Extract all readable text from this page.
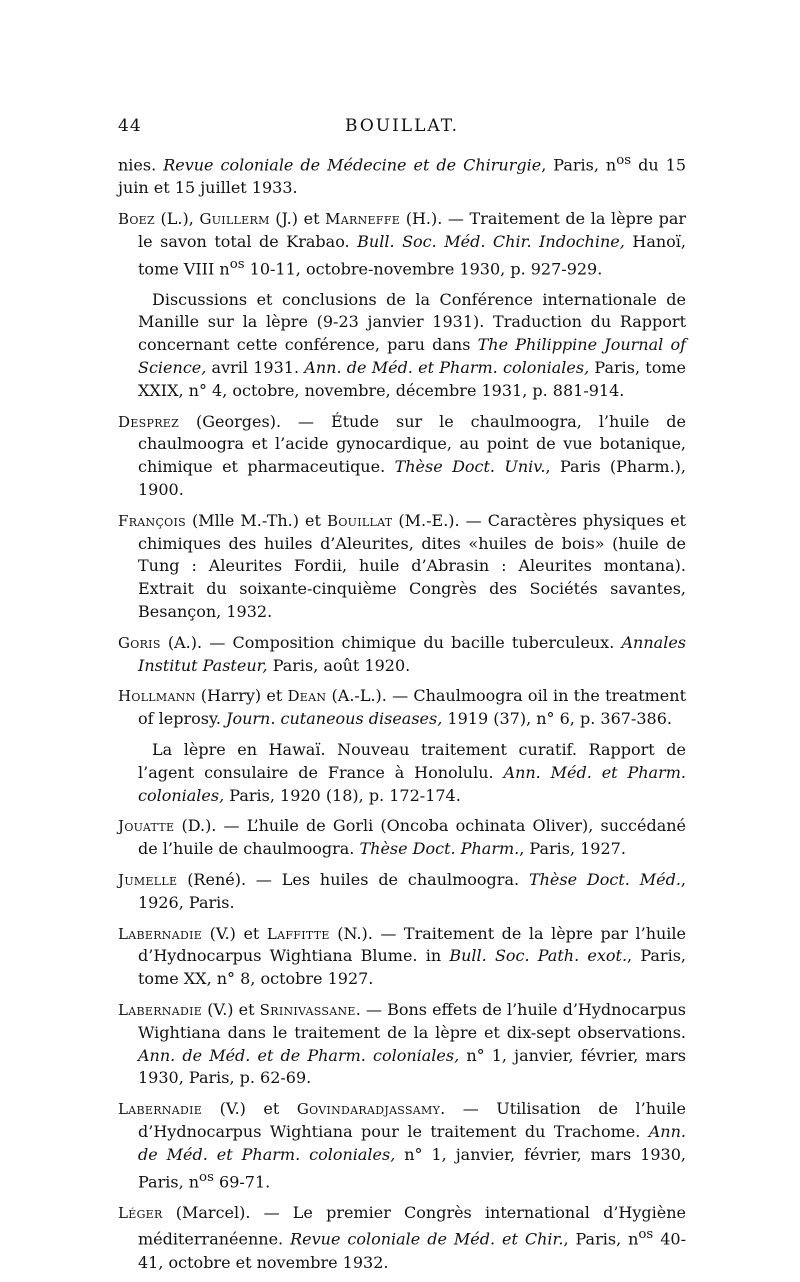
44	BOUILLAT.

nies. Revue coloniale de Médecine et de Chirurgie, Paris, $n^{os}$ du 15 juin et 15 juillet 1933.

Boez (L.), Guillerm (J.) et Marneffe (H.). — Traitement de la lèpre par le savon total de Krabao. Bull. Soc. Méd. Chir. Indochine, Hanoï, tome VIII $n^{os}$ 10-11, octobre-novembre 1930, p. 927-929.

Discussions et conclusions de la Conférence internationale de Manille sur la lèpre (9-23 janvier 1931). Traduction du Rapport concernant cette conférence, paru dans The Philippine Journal of Science, avril 1931. Ann. de Méd. et Pharm. coloniales, Paris, tome XXIX, n° 4, octobre, novembre, décembre 1931, p. 881-914.

Desprez (Georges). — Étude sur le chaulmoogra, l’huile de chaulmoogra et l’acide gynocardique, au point de vue botanique, chimique et pharmaceutique. Thèse Doct. Univ., Paris (Pharm.), 1900.

François (Mlle M.-Th.) et Bouillat (M.-E.). — Caractères physiques et chimiques des huiles d’Aleurites, dites «huiles de bois» (huile de Tung : Aleurites Fordii, huile d’Abrasin : Aleurites montana). Extrait du soixante-cinquième Congrès des Sociétés savantes, Besançon, 1932.

Goris (A.). — Composition chimique du bacille tuberculeux. Annales Institut Pasteur, Paris, août 1920.

Hollmann (Harry) et Dean (A.-L.). — Chaulmoogra oil in the treatment of leprosy. Journ. cutaneous diseases, 1919 (37), n° 6, p. 367-386.

La lèpre en Hawaï. Nouveau traitement curatif. Rapport de l’agent consulaire de France à Honolulu. Ann. Méd. et Pharm. coloniales, Paris, 1920 (18), p. 172-174.

Jouatte (D.). — L’huile de Gorli (Oncoba ochinata Oliver), succédané de l’huile de chaulmoogra. Thèse Doct. Pharm., Paris, 1927.

Jumelle (René). — Les huiles de chaulmoogra. Thèse Doct. Méd., 1926, Paris.

Labernadie (V.) et Laffitte (N.). — Traitement de la lèpre par l’huile d’Hydnocarpus Wightiana Blume. in Bull. Soc. Path. exot., Paris, tome XX, n° 8, octobre 1927.

Labernadie (V.) et Srinivassane. — Bons effets de l’huile d’Hydnocarpus Wightiana dans le traitement de la lèpre et dix-sept observations. Ann. de Méd. et de Pharm. coloniales, n° 1, janvier, février, mars 1930, Paris, p. 62-69.

Labernadie (V.) et Govindaradjassamy. — Utilisation de l’huile d’Hydnocarpus Wightiana pour le traitement du Trachome. Ann. de Méd. et Pharm. coloniales, n° 1, janvier, février, mars 1930, Paris, $n^{os}$ 69-71.

Léger (Marcel). — Le premier Congrès international d’Hygiène méditerranéenne. Revue coloniale de Méd. et Chir., Paris, $n^{os}$ 40-41, octobre et novembre 1932.
